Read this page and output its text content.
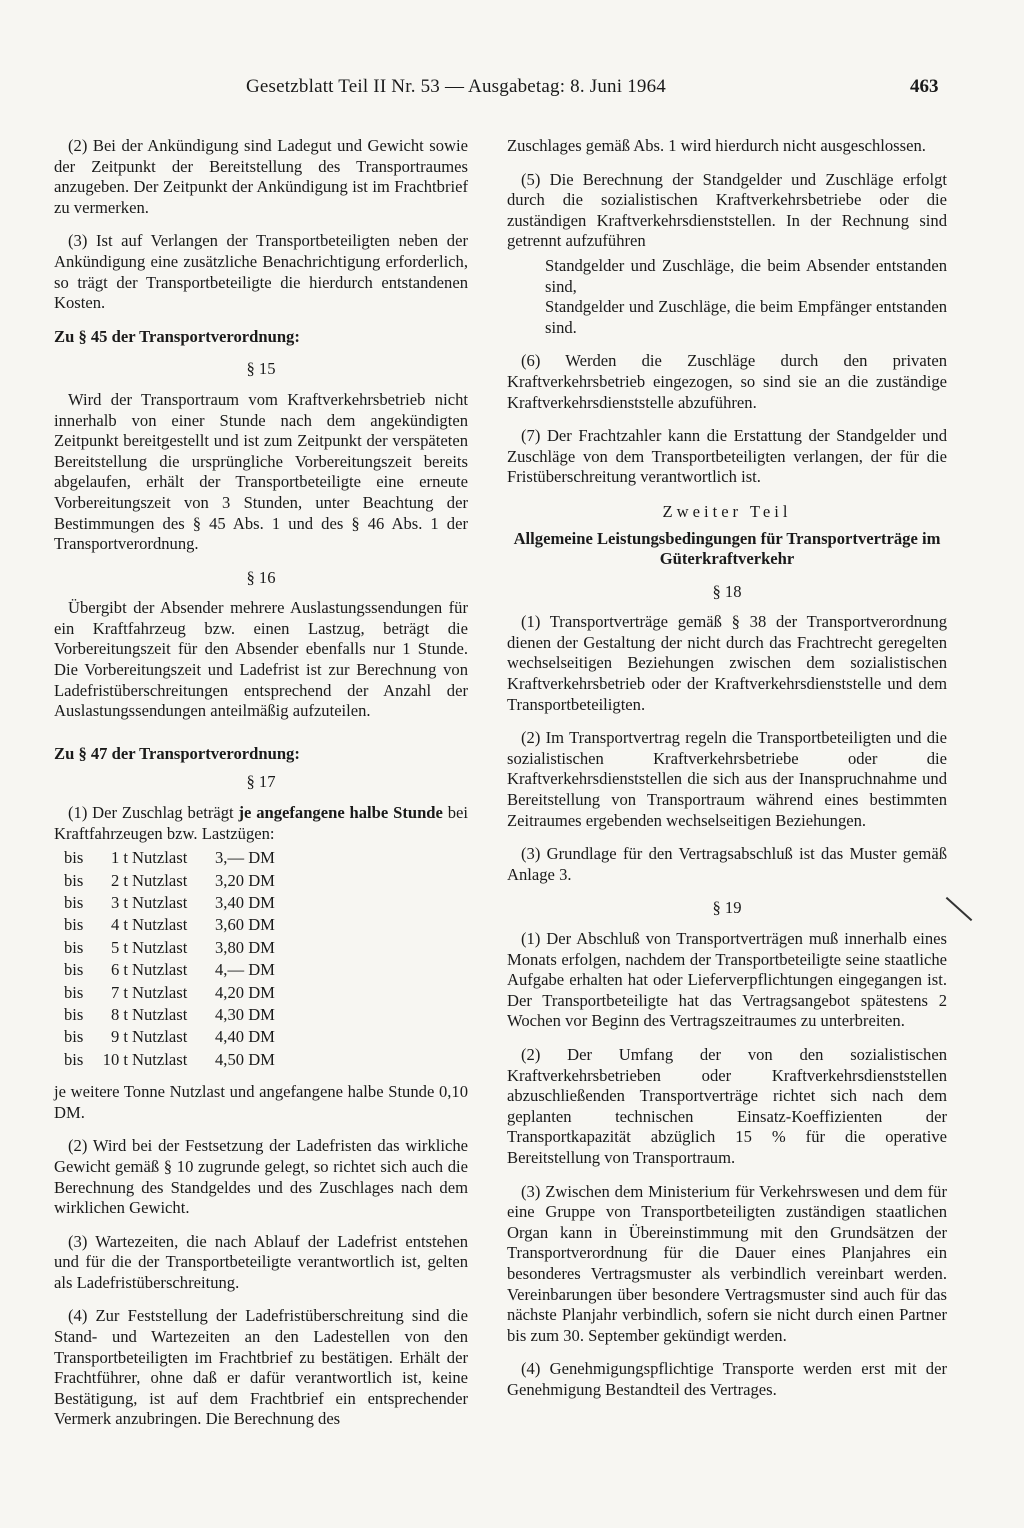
Gesetzblatt Teil II Nr. 53 — Ausgabetag: 8. Juni 1964	463

(2) Bei der Ankündigung sind Ladegut und Gewicht sowie der Zeitpunkt der Bereitstellung des Transportraumes anzugeben. Der Zeitpunkt der Ankündigung ist im Frachtbrief zu vermerken.

(3) Ist auf Verlangen der Transportbeteiligten neben der Ankündigung eine zusätzliche Benachrichtigung erforderlich, so trägt der Transportbeteiligte die hierdurch entstandenen Kosten.

Zu § 45 der Transportverordnung:
§ 15

Wird der Transportraum vom Kraftverkehrsbetrieb nicht innerhalb von einer Stunde nach dem angekündigten Zeitpunkt bereitgestellt und ist zum Zeitpunkt der verspäteten Bereitstellung die ursprüngliche Vorbereitungszeit bereits abgelaufen, erhält der Transportbeteiligte eine erneute Vorbereitungszeit von 3 Stunden, unter Beachtung der Bestimmungen des § 45 Abs. 1 und des § 46 Abs. 1 der Transportverordnung.

§ 16

Übergibt der Absender mehrere Auslastungssendungen für ein Kraftfahrzeug bzw. einen Lastzug, beträgt die Vorbereitungszeit für den Absender ebenfalls nur 1 Stunde. Die Vorbereitungszeit und Ladefrist ist zur Berechnung von Ladefristüberschreitungen entsprechend der Anzahl der Auslastungssendungen anteilmäßig aufzuteilen.

Zu § 47 der Transportverordnung:
§ 17

(1) Der Zuschlag beträgt je angefangene halbe Stunde bei Kraftfahrzeugen bzw. Lastzügen:

bis	1 t	Nutzlast	3,— DM
bis	2 t	Nutzlast	3,20 DM
bis	3 t	Nutzlast	3,40 DM
bis	4 t	Nutzlast	3,60 DM
bis	5 t	Nutzlast	3,80 DM
bis	6 t	Nutzlast	4,— DM
bis	7 t	Nutzlast	4,20 DM
bis	8 t	Nutzlast	4,30 DM
bis	9 t	Nutzlast	4,40 DM
bis	10 t	Nutzlast	4,50 DM

je weitere Tonne Nutzlast und angefangene halbe Stunde 0,10 DM.

(2) Wird bei der Festsetzung der Ladefristen das wirkliche Gewicht gemäß § 10 zugrunde gelegt, so richtet sich auch die Berechnung des Standgeldes und des Zuschlages nach dem wirklichen Gewicht.

(3) Wartezeiten, die nach Ablauf der Ladefrist entstehen und für die der Transportbeteiligte verantwortlich ist, gelten als Ladefristüberschreitung.

(4) Zur Feststellung der Ladefristüberschreitung sind die Stand- und Wartezeiten an den Ladestellen von den Transportbeteiligten im Frachtbrief zu bestätigen. Erhält der Frachtführer, ohne daß er dafür verantwortlich ist, keine Bestätigung, ist auf dem Frachtbrief ein entsprechender Vermerk anzubringen. Die Berechnung des

Zuschlages gemäß Abs. 1 wird hierdurch nicht ausgeschlossen.

(5) Die Berechnung der Standgelder und Zuschläge erfolgt durch die sozialistischen Kraftverkehrsbetriebe oder die zuständigen Kraftverkehrsdienststellen. In der Rechnung sind getrennt aufzuführen

Standgelder und Zuschläge, die beim Absender entstanden sind,

Standgelder und Zuschläge, die beim Empfänger entstanden sind.

(6) Werden die Zuschläge durch den privaten Kraftverkehrsbetrieb eingezogen, so sind sie an die zuständige Kraftverkehrsdienststelle abzuführen.

(7) Der Frachtzahler kann die Erstattung der Standgelder und Zuschläge von dem Transportbeteiligten verlangen, der für die Fristüberschreitung verantwortlich ist.

Zweiter Teil
Allgemeine Leistungsbedingungen für Transportverträge im Güterkraftverkehr
§ 18

(1) Transportverträge gemäß § 38 der Transportverordnung dienen der Gestaltung der nicht durch das Frachtrecht geregelten wechselseitigen Beziehungen zwischen dem sozialistischen Kraftverkehrsbetrieb oder der Kraftverkehrsdienststelle und dem Transportbeteiligten.

(2) Im Transportvertrag regeln die Transportbeteiligten und die sozialistischen Kraftverkehrsbetriebe oder die Kraftverkehrsdienststellen die sich aus der Inanspruchnahme und Bereitstellung von Transportraum während eines bestimmten Zeitraumes ergebenden wechselseitigen Beziehungen.

(3) Grundlage für den Vertragsabschluß ist das Muster gemäß Anlage 3.

§ 19

(1) Der Abschluß von Transportverträgen muß innerhalb eines Monats erfolgen, nachdem der Transportbeteiligte seine staatliche Aufgabe erhalten hat oder Lieferverpflichtungen eingegangen ist. Der Transportbeteiligte hat das Vertragsangebot spätestens 2 Wochen vor Beginn des Vertragszeitraumes zu unterbreiten.

(2) Der Umfang der von den sozialistischen Kraftverkehrsbetrieben oder Kraftverkehrsdienststellen abzuschließenden Transportverträge richtet sich nach dem geplanten technischen Einsatz-Koeffizienten der Transportkapazität abzüglich 15 % für die operative Bereitstellung von Transportraum.

(3) Zwischen dem Ministerium für Verkehrswesen und dem für eine Gruppe von Transportbeteiligten zuständigen staatlichen Organ kann in Übereinstimmung mit den Grundsätzen der Transportverordnung für die Dauer eines Planjahres ein besonderes Vertragsmuster als verbindlich vereinbart werden. Vereinbarungen über besondere Vertragsmuster sind auch für das nächste Planjahr verbindlich, sofern sie nicht durch einen Partner bis zum 30. September gekündigt werden.

(4) Genehmigungspflichtige Transporte werden erst mit der Genehmigung Bestandteil des Vertrages.
